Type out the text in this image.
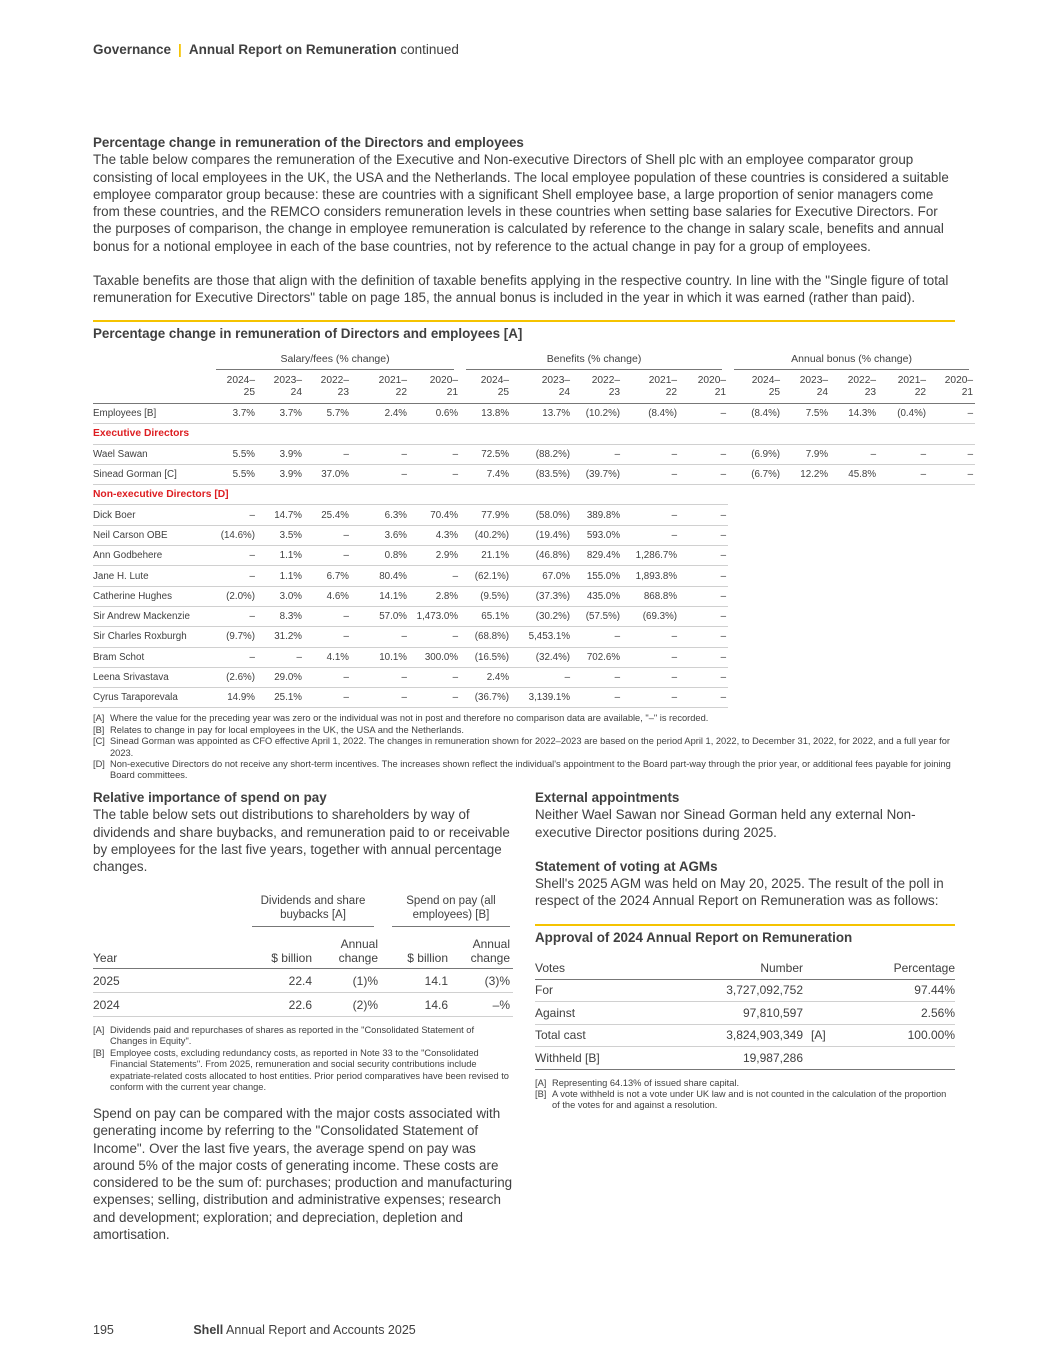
Governance | Annual Report on Remuneration continued
Percentage change in remuneration of the Directors and employees

The table below compares the remuneration of the Executive and Non-executive Directors of Shell plc with an employee comparator group consisting of local employees in the UK, the USA and the Netherlands. The local employee population of these countries is considered a suitable employee comparator group because: these are countries with a significant Shell employee base, a large proportion of senior managers come from these countries, and the REMCO considers remuneration levels in these countries when setting base salaries for Executive Directors. For the purposes of comparison, the change in employee remuneration is calculated by reference to the change in salary scale, benefits and annual bonus for a notional employee in each of the base countries, not by reference to the actual change in pay for a group of employees.

Taxable benefits are those that align with the definition of taxable benefits applying in the respective country. In line with the "Single figure of total remuneration for Executive Directors" table on page 185, the annual bonus is included in the year in which it was earned (rather than paid).

Percentage change in remuneration of Directors and employees [A]

	Salary/fees (% change)					Benefits (% change)					Annual bonus (% change)				

	2024–
25	2023–
24	2022–
23	2021–
22	2020–
21	2024–
25	2023–
24	2022–
23	2021–
22	2020–
21	2024–
25	2023–
24	2022–
23	2021–
22	2020–
21
Employees [B]	3.7%	3.7%	5.7%	2.4%	0.6%	13.8%	13.7%	(10.2%)	(8.4%)	–	(8.4%)	7.5%	14.3%	(0.4%)	–
Executive Directors															
Wael Sawan	5.5%	3.9%	–	–	–	72.5%	(88.2%)	–	–	–	(6.9%)	7.9%	–	–	–
Sinead Gorman [C]	5.5%	3.9%	37.0%	–	–	7.4%	(83.5%)	(39.7%)	–	–	(6.7%)	12.2%	45.8%	–	–
Non-executive Directors [D]															
Dick Boer	–	14.7%	25.4%	6.3%	70.4%	77.9%	(58.0%)	389.8%	–	–					
Neil Carson OBE	(14.6%)	3.5%	–	3.6%	4.3%	(40.2%)	(19.4%)	593.0%	–	–					
Ann Godbehere	–	1.1%	–	0.8%	2.9%	21.1%	(46.8%)	829.4%	1,286.7%	–					
Jane H. Lute	–	1.1%	6.7%	80.4%	–	(62.1%)	67.0%	155.0%	1,893.8%	–					
Catherine Hughes	(2.0%)	3.0%	4.6%	14.1%	2.8%	(9.5%)	(37.3%)	435.0%	868.8%	–					
Sir Andrew Mackenzie	–	8.3%	–	57.0%	1,473.0%	65.1%	(30.2%)	(57.5%)	(69.3%)	–					
Sir Charles Roxburgh	(9.7%)	31.2%	–	–	–	(68.8%)	5,453.1%	–	–	–					
Bram Schot	–	–	4.1%	10.1%	300.0%	(16.5%)	(32.4%)	702.6%	–	–					
Leena Srivastava	(2.6%)	29.0%	–	–	–	2.4%	–	–	–	–					
Cyrus Taraporevala	14.9%	25.1%	–	–	–	(36.7%)	3,139.1%	–	–	–					
[A] Where the value for the preceding year was zero or the individual was not in post and therefore no comparison data are available, "–" is recorded.
[B] Relates to change in pay for local employees in the UK, the USA and the Netherlands.
[C] Sinead Gorman was appointed as CFO effective April 1, 2022. The changes in remuneration shown for 2022–2023 are based on the period April 1, 2022, to December 31, 2022, for 2022, and a full year for 2023.
[D] Non-executive Directors do not receive any short-term incentives. The increases shown reflect the individual's appointment to the Board part-way through the prior year, or additional fees payable for joining Board committees.
Relative importance of spend on pay

The table below sets out distributions to shareholders by way of dividends and share buybacks, and remuneration paid to or receivable by employees for the last five years, together with annual percentage changes.

	Dividends and share buybacks [A]		Spend on pay (all employees) [B]	

Year	$ billion	Annual
change	$ billion	Annual
change
2025	22.4	(1)%	14.1	(3)%
2024	22.6	(2)%	14.6	–%
[A] Dividends paid and repurchases of shares as reported in the "Consolidated Statement of Changes in Equity".
[B] Employee costs, excluding redundancy costs, as reported in Note 33 to the "Consolidated Financial Statements". From 2025, remuneration and social security contributions include expatriate-related costs allocated to host entities. Prior period comparatives have been revised to conform with the current year change.

Spend on pay can be compared with the major costs associated with generating income by referring to the "Consolidated Statement of Income". Over the last five years, the average spend on pay was around 5% of the major costs of generating income. These costs are considered to be the sum of: purchases; production and manufacturing expenses; selling, distribution and administrative expenses; research and development; exploration; and depreciation, depletion and amortisation.

External appointments

Neither Wael Sawan nor Sinead Gorman held any external Non-executive Director positions during 2025.

Statement of voting at AGMs

Shell's 2025 AGM was held on May 20, 2025. The result of the poll in respect of the 2024 Annual Report on Remuneration was as follows:

Approval of 2024 Annual Report on Remuneration
Votes	Number		Percentage
For	3,727,092,752		97.44%
Against	97,810,597		2.56%
Total cast	3,824,903,349	[A]	100.00%
Withheld [B]	19,987,286		
[A] Representing 64.13% of issued share capital.
[B] A vote withheld is not a vote under UK law and is not counted in the calculation of the proportion of the votes for and against a resolution.
195	Shell Annual Report and Accounts 2025
